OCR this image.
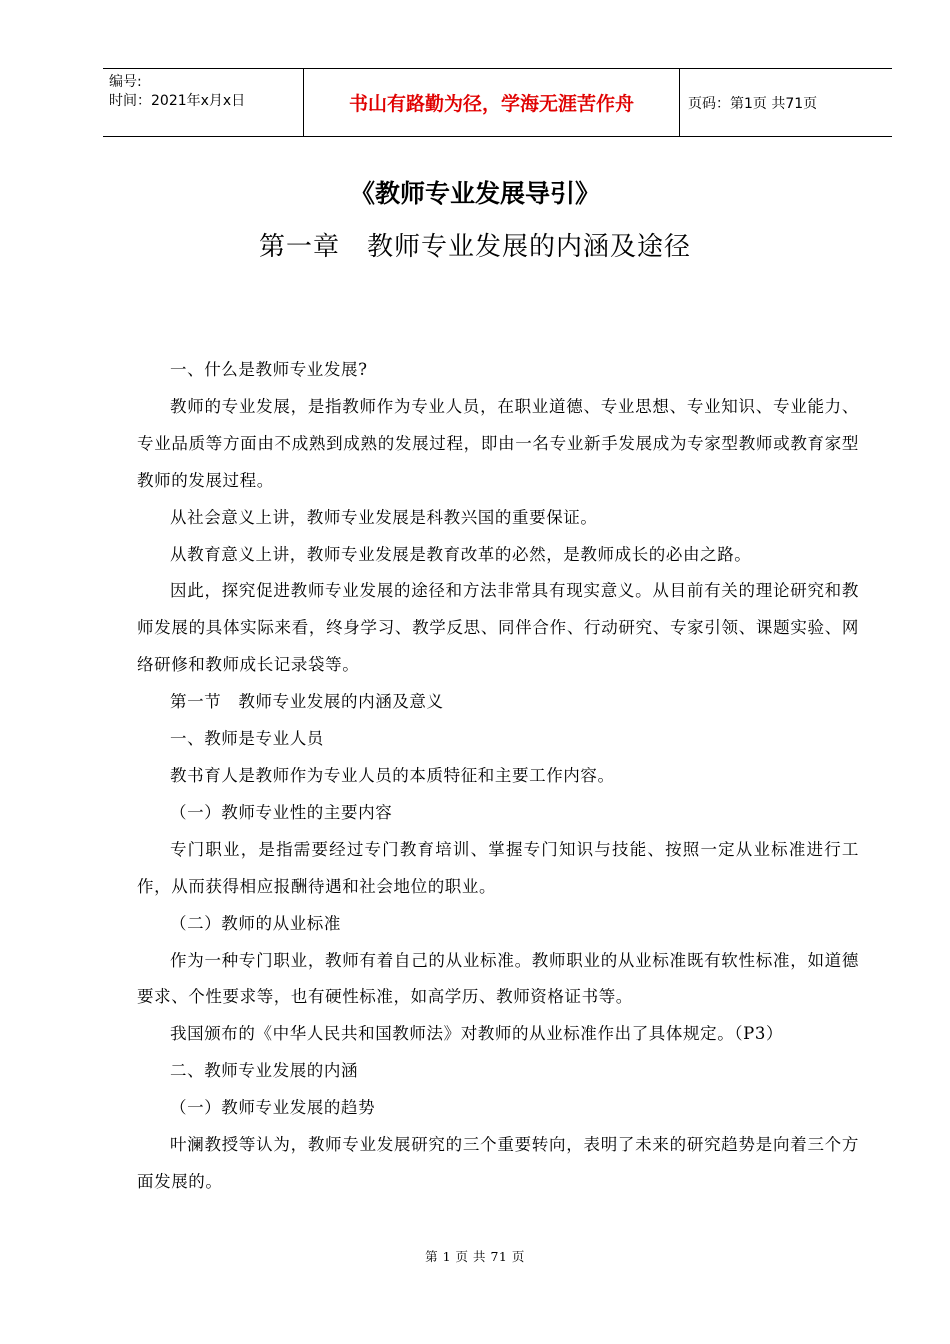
编号:
时间：2021年x月x日	书山有路勤为径，学海无涯苦作舟	页码：第1页 共71页
《教师专业发展导引》
第一章　教师专业发展的内涵及途径

一、什么是教师专业发展?

教师的专业发展，是指教师作为专业人员，在职业道德、专业思想、专业知识、专业能力、专业品质等方面由不成熟到成熟的发展过程，即由一名专业新手发展成为专家型教师或教育家型教师的发展过程。

从社会意义上讲，教师专业发展是科教兴国的重要保证。

从教育意义上讲，教师专业发展是教育改革的必然，是教师成长的必由之路。

因此，探究促进教师专业发展的途径和方法非常具有现实意义。从目前有关的理论研究和教师发展的具体实际来看，终身学习、教学反思、同伴合作、行动研究、专家引领、课题实验、网络研修和教师成长记录袋等。

第一节　教师专业发展的内涵及意义

一、教师是专业人员

教书育人是教师作为专业人员的本质特征和主要工作内容。

（一）教师专业性的主要内容

专门职业，是指需要经过专门教育培训、掌握专门知识与技能、按照一定从业标准进行工作，从而获得相应报酬待遇和社会地位的职业。

（二）教师的从业标准

作为一种专门职业，教师有着自己的从业标准。教师职业的从业标准既有软性标准，如道德要求、个性要求等，也有硬性标准，如高学历、教师资格证书等。

我国颁布的《中华人民共和国教师法》对教师的从业标准作出了具体规定。（P3）

二、教师专业发展的内涵

（一）教师专业发展的趋势

叶澜教授等认为，教师专业发展研究的三个重要转向，表明了未来的研究趋势是向着三个方面发展的。

第 1 页 共 71 页
